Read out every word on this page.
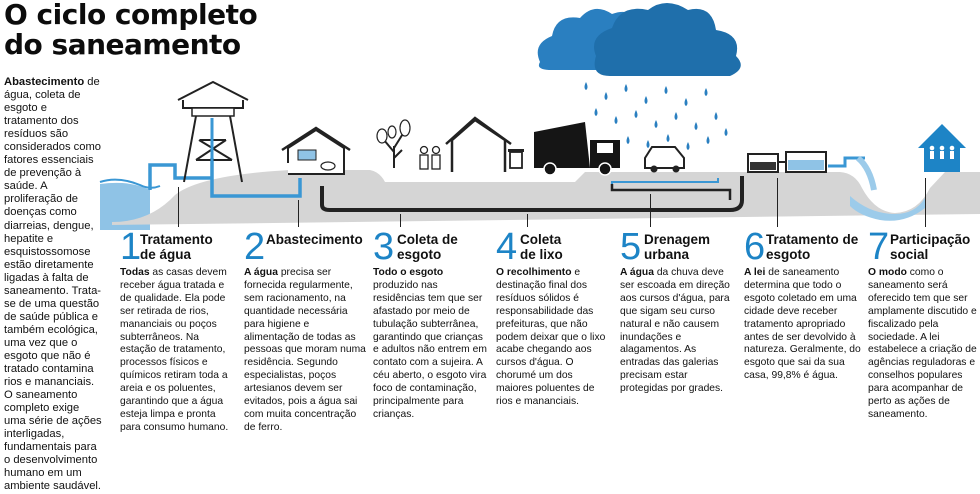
O ciclo completo
do saneamento
Abastecimento de água, coleta de esgoto e tratamento dos resíduos são considerados como fatores essenciais de prevenção à saúde. A proliferação de doenças como diarreias, dengue, hepatite e esquistossomose estão diretamente ligadas à falta de saneamento. Trata-se de uma questão de saúde pública e também ecológica, uma vez que o esgoto que não é tratado contamina rios e mananciais. O saneamento completo exige uma série de ações interligadas, fundamentais para o desenvolvimento humano em um ambiente saudável.
1
Tratamento de água
Todas as casas devem receber água tratada e de qualidade. Ela pode ser retirada de rios, mananciais ou poços subterrâneos. Na estação de tratamento, processos físicos e químicos retiram toda a areia e os poluentes, garantindo que a água esteja limpa e pronta para consumo humano.
2 Abastecimento
A água precisa ser fornecida regularmente, sem racionamento, na quantidade necessária para higiene e alimentação de todas as pessoas que moram numa residência. Segundo especialistas, poços artesianos devem ser evitados, pois a água sai com muita concentração de ferro.
3 Coleta de esgoto
Todo o esgoto produzido nas residências tem que ser afastado por meio de tubulação subterrânea, garantindo que crianças e adultos não entrem em contato com a sujeira. A céu aberto, o esgoto vira foco de contaminação, principalmente para crianças.
4 Coleta de lixo
O recolhimento e destinação final dos resíduos sólidos é responsabilidade das prefeituras, que não podem deixar que o lixo acabe chegando aos cursos d'água. O chorumé um dos maiores poluentes de rios e mananciais.
5 Drenagem urbana
A água da chuva deve ser escoada em direção aos cursos d'água, para que sigam seu curso natural e não causem inundações e alagamentos. As entradas das galerias precisam estar protegidas por grades.
6 Tratamento de esgoto
A lei de saneamento determina que todo o esgoto coletado em uma cidade deve receber tratamento apropriado antes de ser devolvido à natureza. Geralmente, do esgoto que sai da sua casa, 99,8% é água.
7 Participação social
O modo como o saneamento será oferecido tem que ser amplamente discutido e fiscalizado pela sociedade. A lei estabelece a criação de agências reguladoras e conselhos populares para acompanhar de perto as ações de saneamento.
